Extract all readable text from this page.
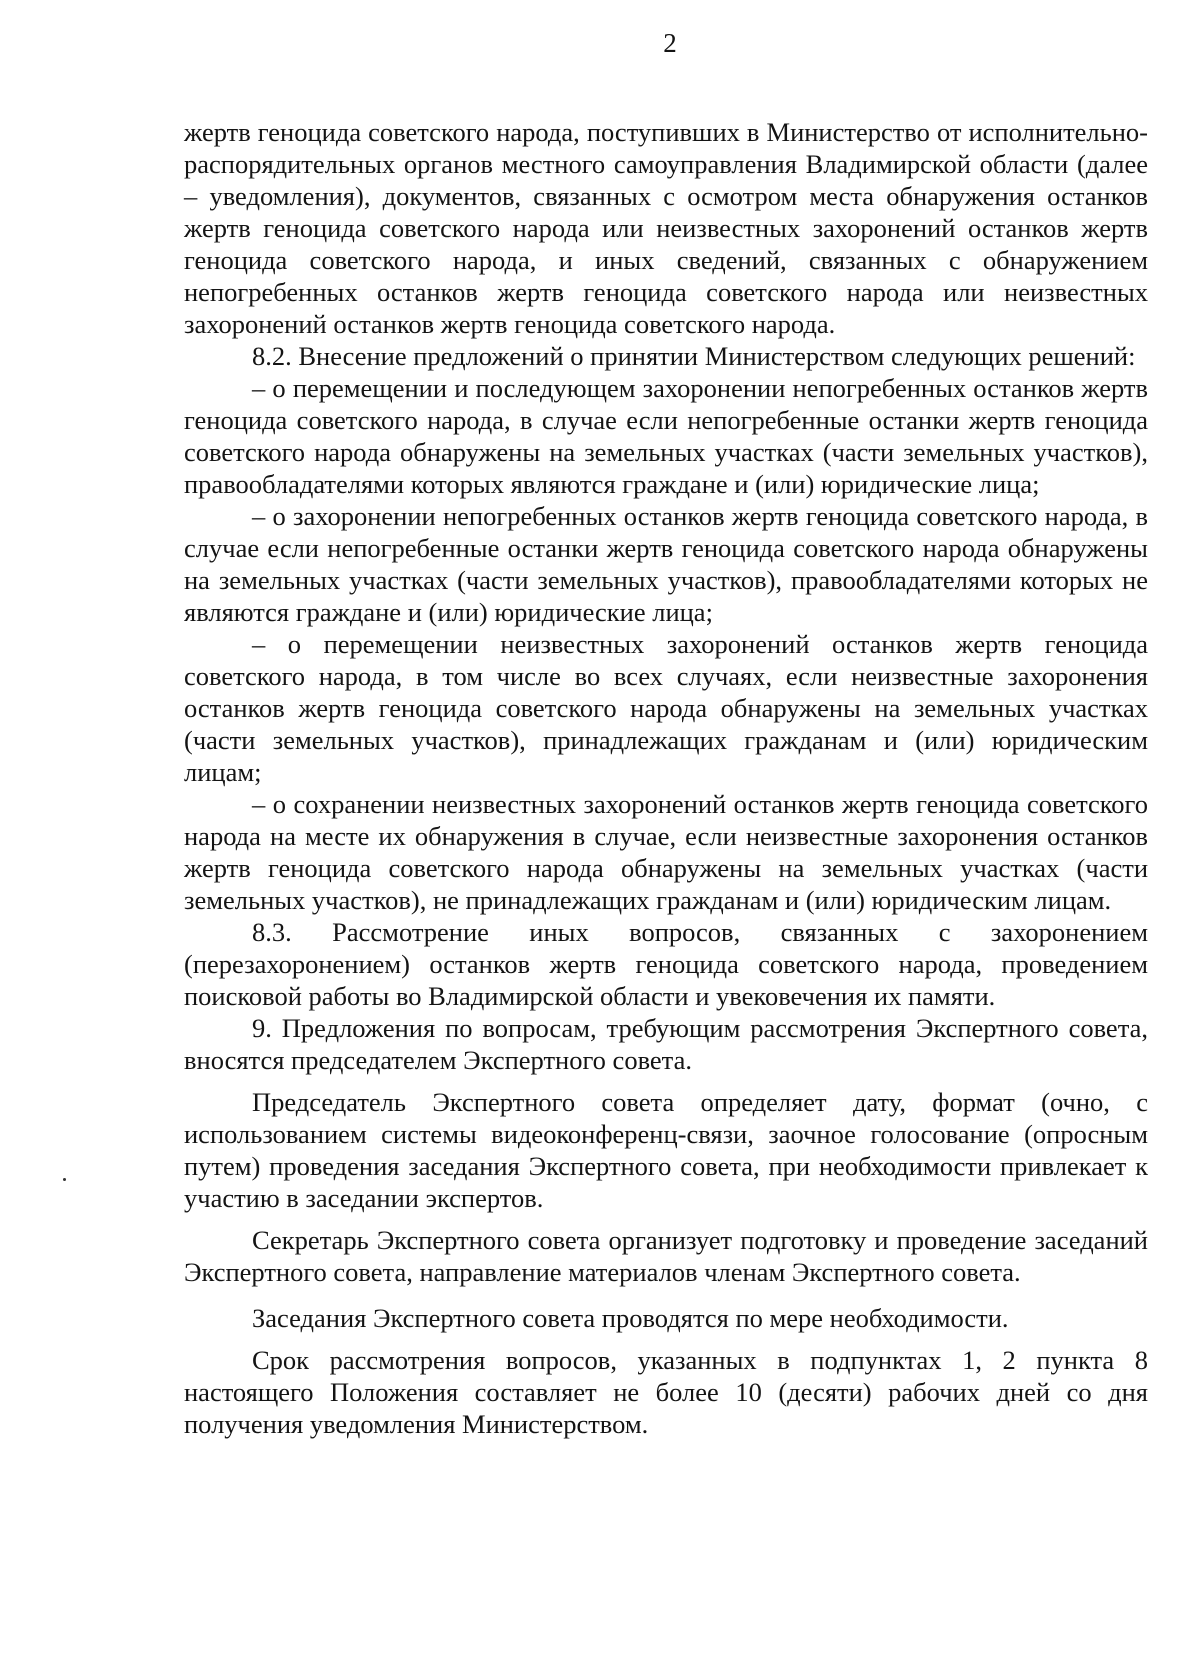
2

жертв геноцида советского народа, поступивших в Министерство от исполнительно-распорядительных органов местного самоуправления Владимирской области (далее – уведомления), документов, связанных с осмотром места обнаружения останков жертв геноцида советского народа или неизвестных захоронений останков жертв геноцида советского народа, и иных сведений, связанных с обнаружением непогребенных останков жертв геноцида советского народа или неизвестных захоронений останков жертв геноцида советского народа.

8.2. Внесение предложений о принятии Министерством следующих решений:

– о перемещении и последующем захоронении непогребенных останков жертв геноцида советского народа, в случае если непогребенные останки жертв геноцида советского народа обнаружены на земельных участках (части земельных участков), правообладателями которых являются граждане и (или) юридические лица;

– о захоронении непогребенных останков жертв геноцида советского народа, в случае если непогребенные останки жертв геноцида советского народа обнаружены на земельных участках (части земельных участков), правообладателями которых не являются граждане и (или) юридические лица;

– о перемещении неизвестных захоронений останков жертв геноцида советского народа, в том числе во всех случаях, если неизвестные захоронения останков жертв геноцида советского народа обнаружены на земельных участках (части земельных участков), принадлежащих гражданам и (или) юридическим лицам;

– о сохранении неизвестных захоронений останков жертв геноцида советского народа на месте их обнаружения в случае, если неизвестные захоронения останков жертв геноцида советского народа обнаружены на земельных участках (части земельных участков), не принадлежащих гражданам и (или) юридическим лицам.

8.3. Рассмотрение иных вопросов, связанных с захоронением (перезахоронением) останков жертв геноцида советского народа, проведением поисковой работы во Владимирской области и увековечения их памяти.

9. Предложения по вопросам, требующим рассмотрения Экспертного совета, вносятся председателем Экспертного совета.

Председатель Экспертного совета определяет дату, формат (очно, с использованием системы видеоконференц-связи, заочное голосование (опросным путем) проведения заседания Экспертного совета, при необходимости привлекает к участию в заседании экспертов.

Секретарь Экспертного совета организует подготовку и проведение заседаний Экспертного совета, направление материалов членам Экспертного совета.

Заседания Экспертного совета проводятся по мере необходимости.

Срок рассмотрения вопросов, указанных в подпунктах 1, 2 пункта 8 настоящего Положения составляет не более 10 (десяти) рабочих дней со дня получения уведомления Министерством.
